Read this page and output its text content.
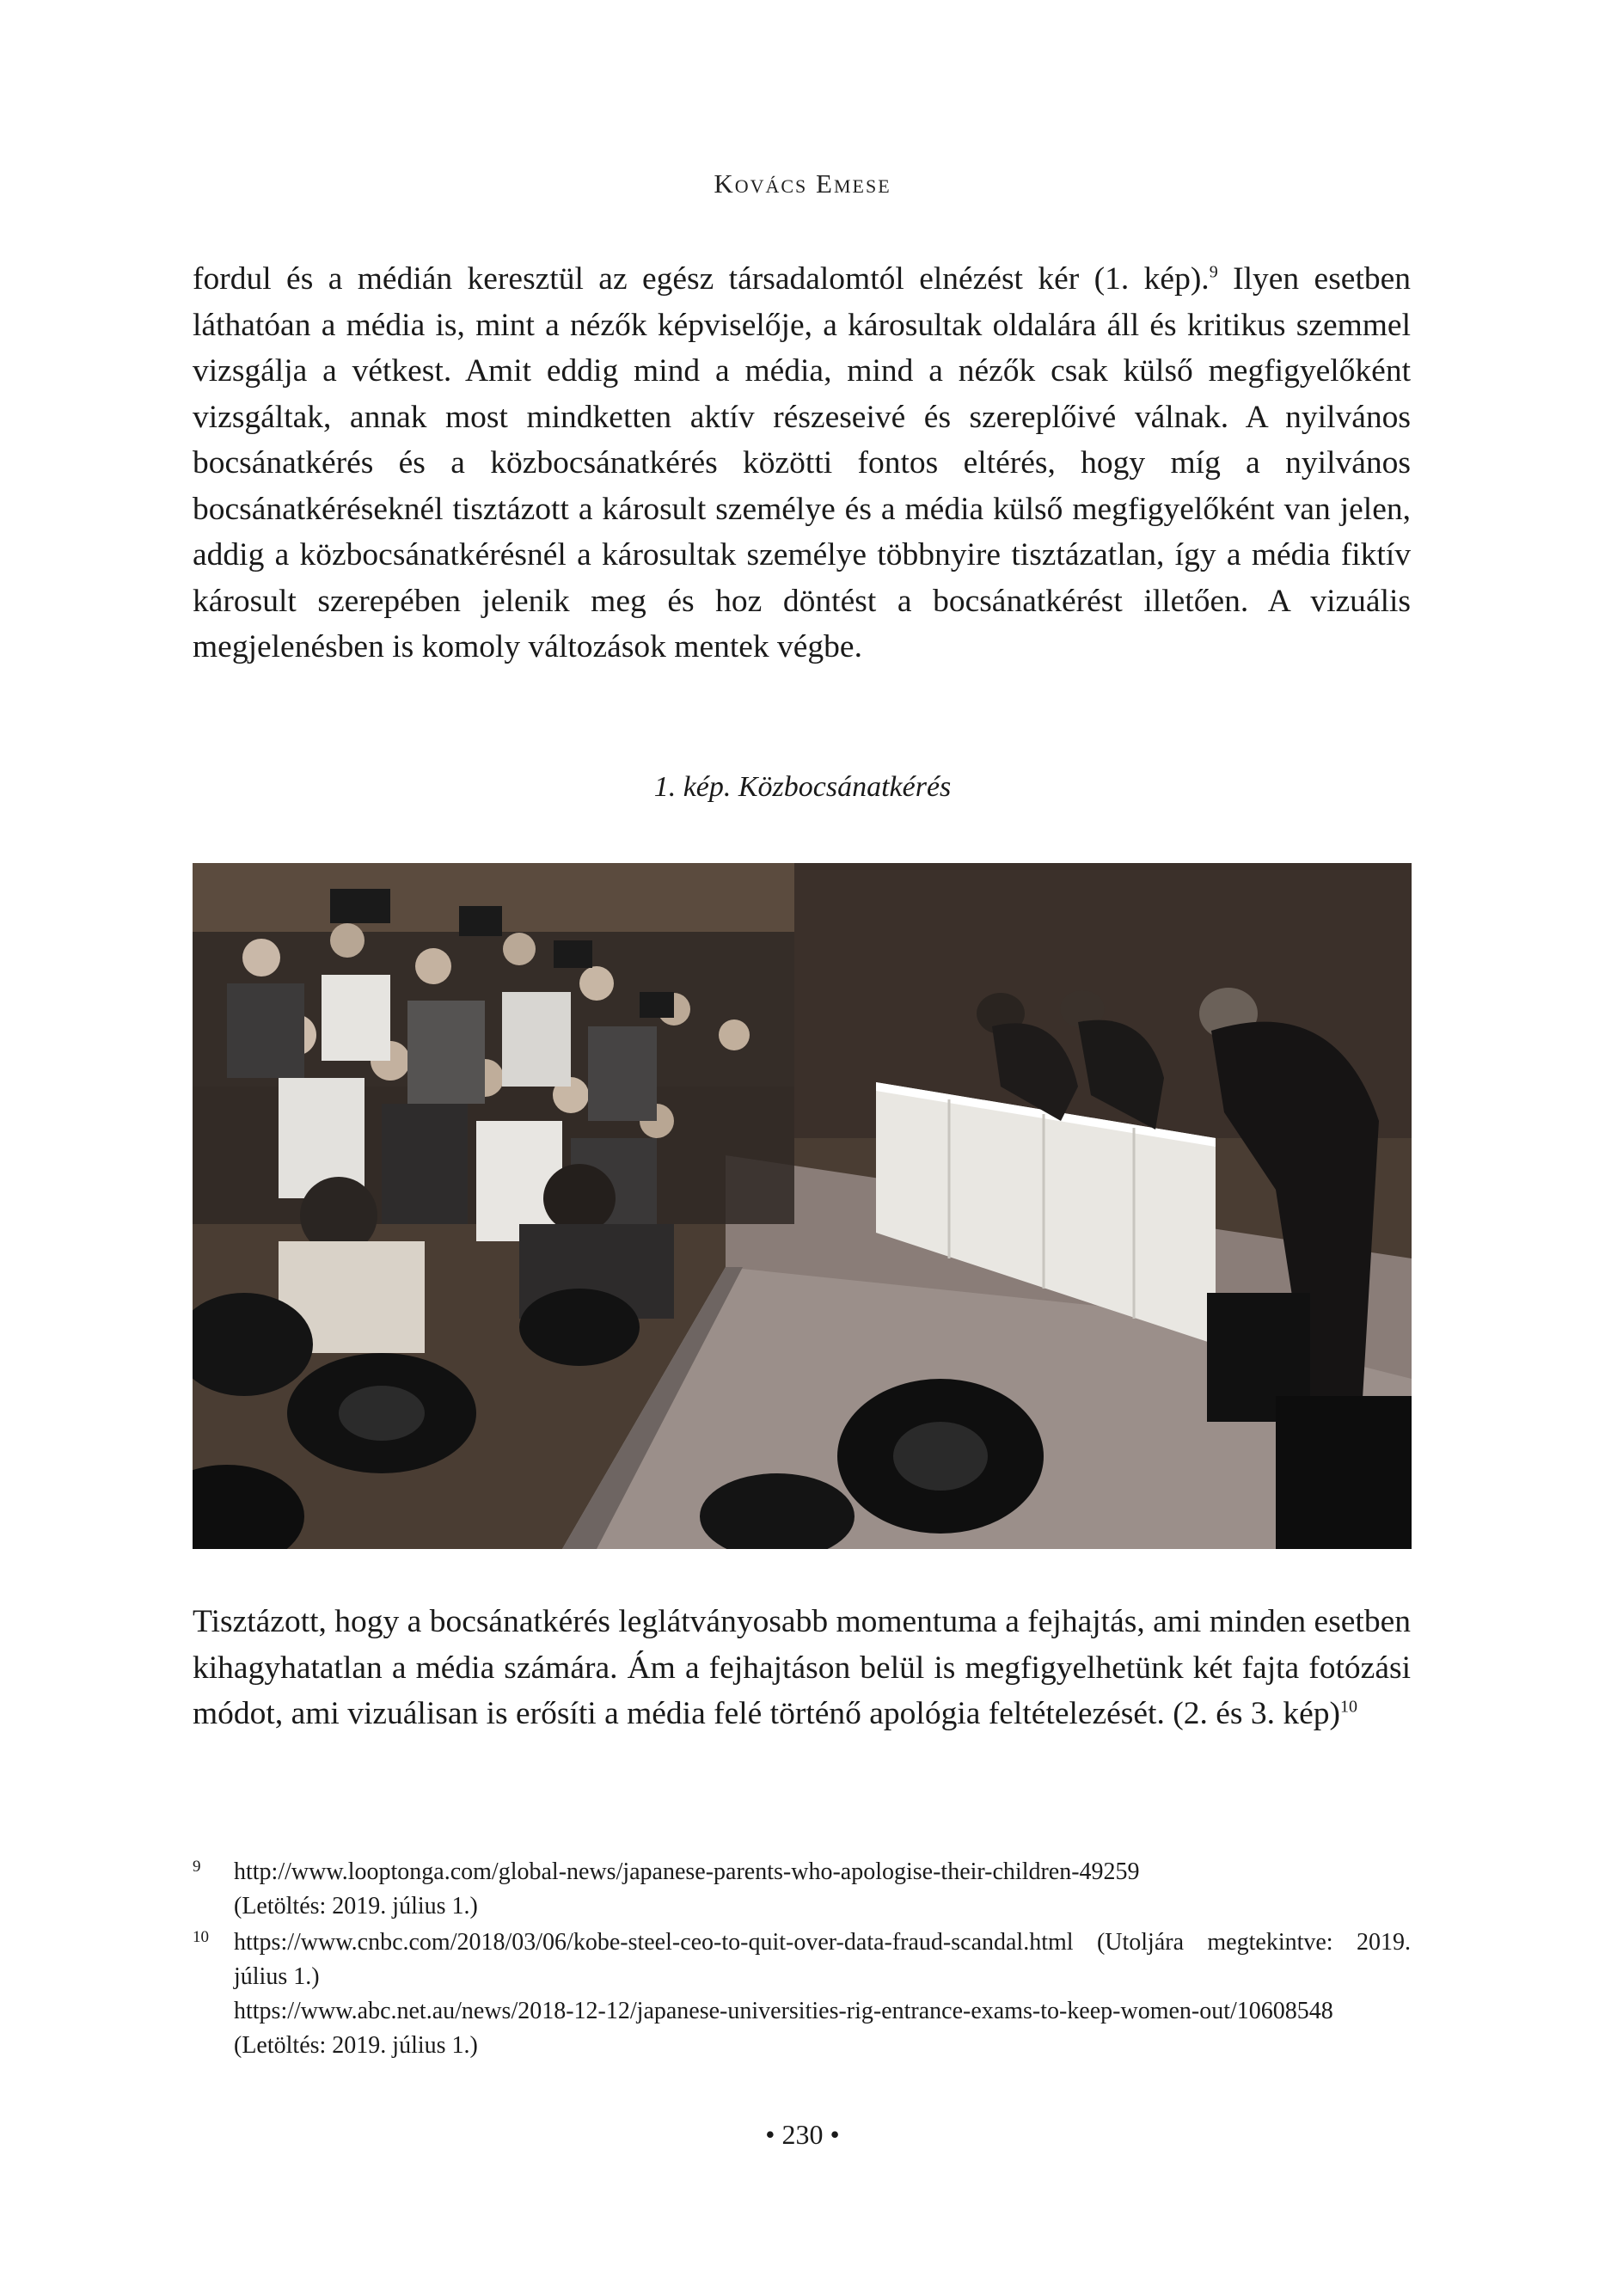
Kovács Emese

fordul és a médián keresztül az egész társadalomtól elnézést kér (1. kép).$^9$ Ilyen esetben láthatóan a média is, mint a nézők képviselője, a károsultak oldalára áll és kritikus szemmel vizsgálja a vétkest. Amit eddig mind a média, mind a nézők csak külső megfigyelőként vizsgáltak, annak most mindketten aktív részeseivé és szereplőivé válnak. A nyilvános bocsánatkérés és a közbocsánatkérés közötti fontos eltérés, hogy míg a nyilvános bocsánatkéréseknél tisztázott a károsult személye és a média külső megfigyelőként van jelen, addig a közbocsánatkérésnél a károsultak személye többnyire tisztázatlan, így a média fiktív károsult szerepében jelenik meg és hoz döntést a bocsánatkérést illetően. A vizuális megjelenésben is komoly változások mentek végbe.

1. kép. Közbocsánatkérés

Tisztázott, hogy a bocsánatkérés leglátványosabb momentuma a fejhajtás, ami minden esetben kihagyhatatlan a média számára. Ám a fejhajtáson belül is megfigyelhetünk két fajta fotózási módot, ami vizuálisan is erősíti a média felé történő apológia feltételezését. (2. és 3. kép)$^{10}$

9 http://www.looptonga.com/global-news/japanese-parents-who-apologise-their-children-49259
(Letöltés: 2019. július 1.)
10 https://www.cnbc.com/2018/03/06/kobe-steel-ceo-to-quit-over-data-fraud-scandal.html (Utoljára megtekintve: 2019. július 1.)
https://www.abc.net.au/news/2018-12-12/japanese-universities-rig-entrance-exams-to-keep-women-out/10608548 (Letöltés: 2019. július 1.)
• 230 •
